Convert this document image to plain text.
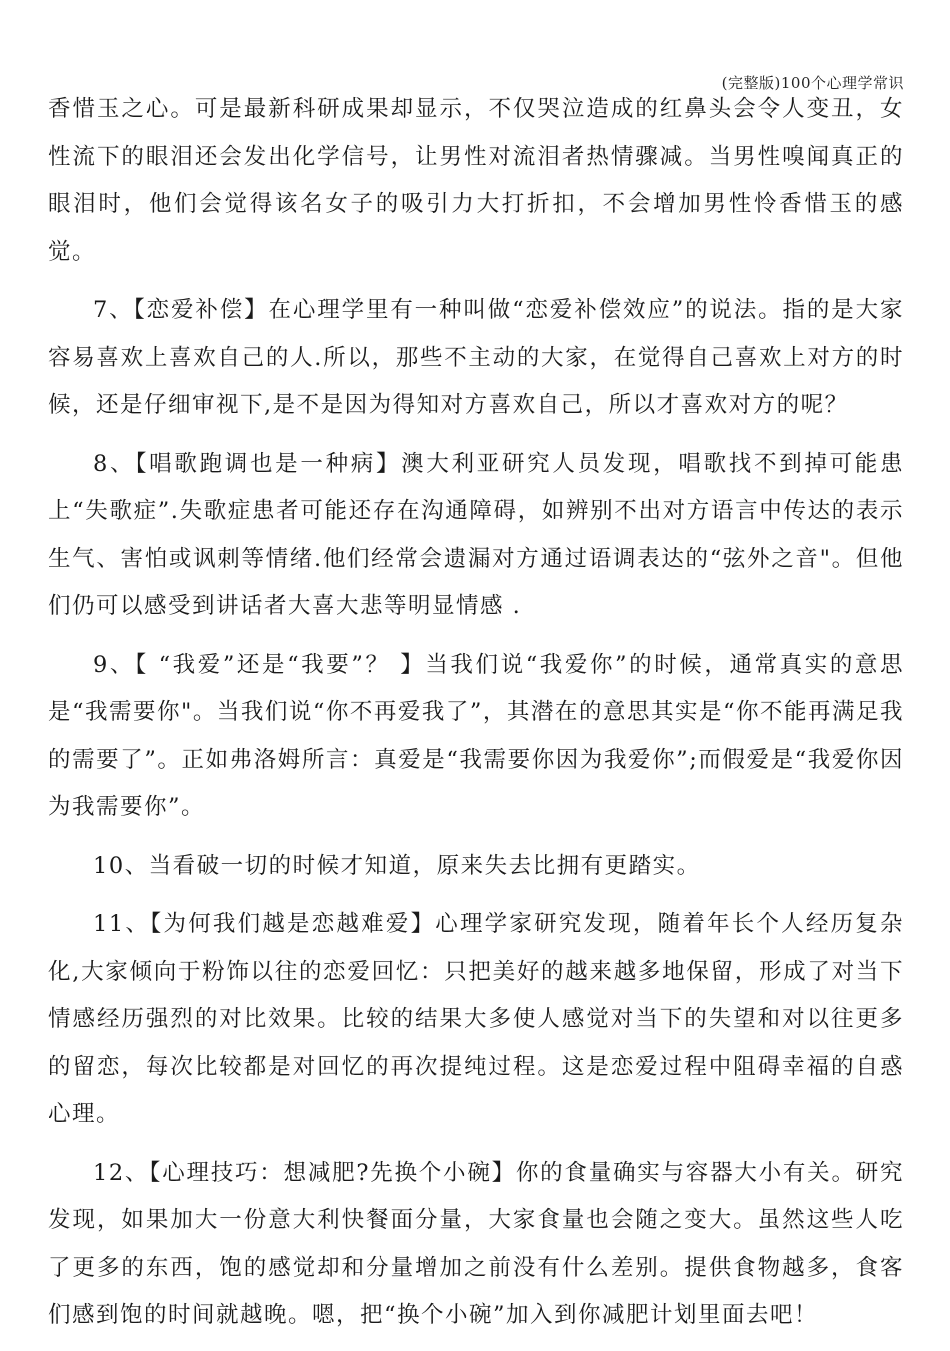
(完整版)100个心理学常识

香惜玉之心。可是最新科研成果却显示，不仅哭泣造成的红鼻头会令人变丑，女性流下的眼泪还会发出化学信号，让男性对流泪者热情骤减。当男性嗅闻真正的眼泪时，他们会觉得该名女子的吸引力大打折扣，不会增加男性怜香惜玉的感觉。

7、【恋爱补偿】在心理学里有一种叫做“恋爱补偿效应”的说法。指的是大家容易喜欢上喜欢自己的人.所以，那些不主动的大家，在觉得自己喜欢上对方的时候，还是仔细审视下,是不是因为得知对方喜欢自己，所以才喜欢对方的呢？

8、【唱歌跑调也是一种病】澳大利亚研究人员发现，唱歌找不到掉可能患上“失歌症”.失歌症患者可能还存在沟通障碍，如辨别不出对方语言中传达的表示生气、害怕或讽刺等情绪.他们经常会遗漏对方通过语调表达的“弦外之音"。但他们仍可以感受到讲话者大喜大悲等明显情感 .

9、【 “我爱”还是“我要”？ 】当我们说“我爱你”的时候，通常真实的意思是“我需要你"。当我们说“你不再爱我了”，其潜在的意思其实是“你不能再满足我的需要了”。正如弗洛姆所言：真爱是“我需要你因为我爱你”;而假爱是“我爱你因为我需要你”。

10、当看破一切的时候才知道，原来失去比拥有更踏实。

11、【为何我们越是恋越难爱】心理学家研究发现，随着年长个人经历复杂化,大家倾向于粉饰以往的恋爱回忆：只把美好的越来越多地保留，形成了对当下情感经历强烈的对比效果。比较的结果大多使人感觉对当下的失望和对以往更多的留恋，每次比较都是对回忆的再次提纯过程。这是恋爱过程中阻碍幸福的自惑心理。

12、【心理技巧：想减肥?先换个小碗】你的食量确实与容器大小有关。研究发现，如果加大一份意大利快餐面分量，大家食量也会随之变大。虽然这些人吃了更多的东西，饱的感觉却和分量增加之前没有什么差别。提供食物越多，食客们感到饱的时间就越晚。嗯，把“换个小碗”加入到你减肥计划里面去吧！
